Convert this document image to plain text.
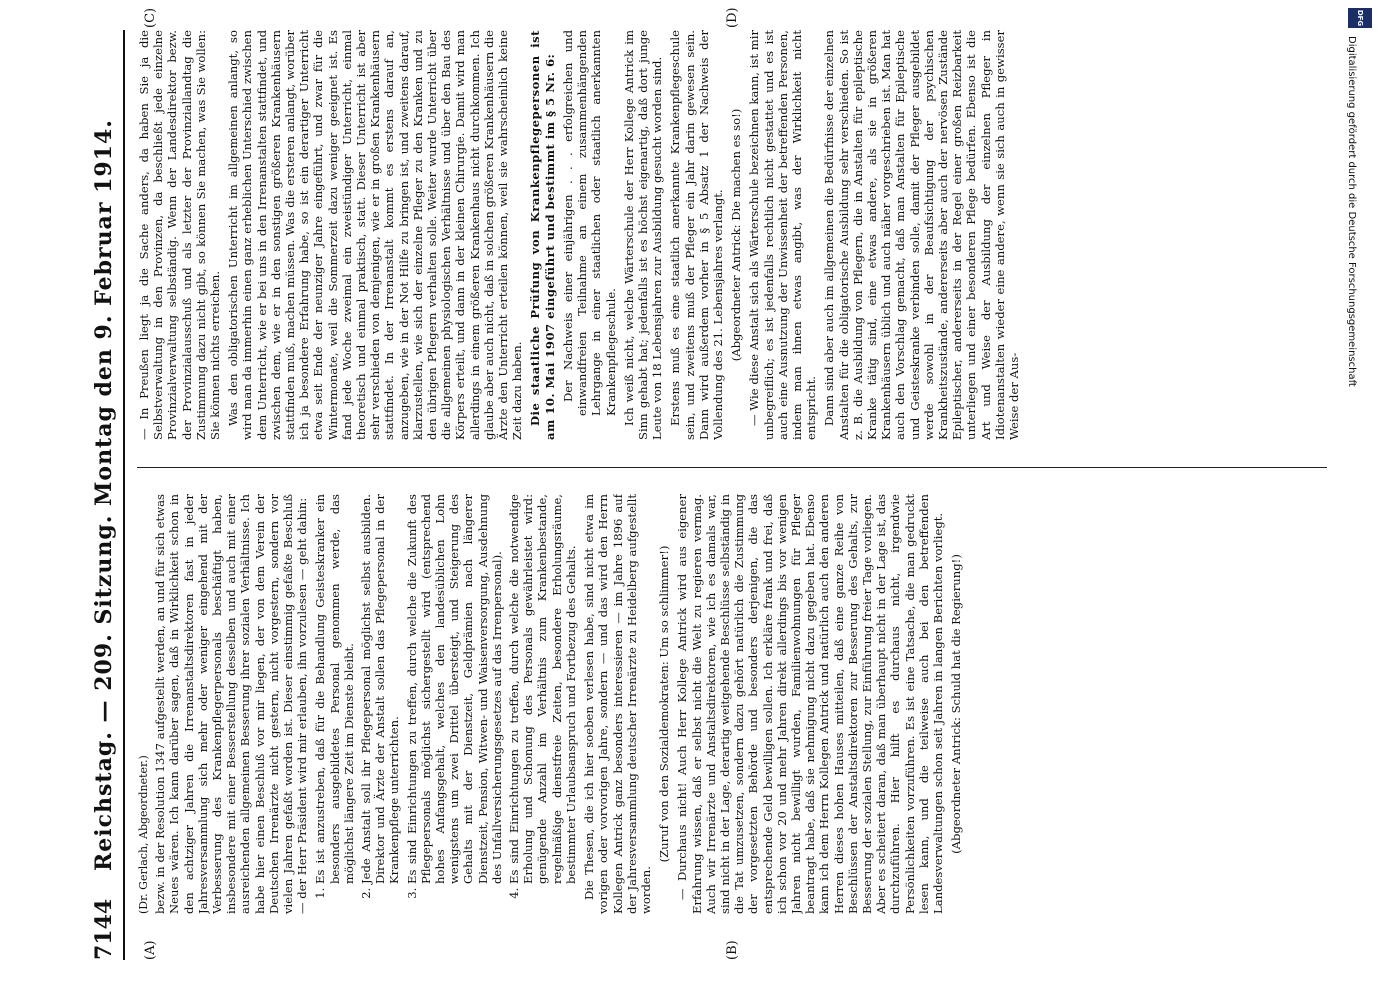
7144
Reichstag. — 209. Sitzung. Montag den 9. Februar 1914.
(A)	(B)
(C)	(D)

(Dr. Gerlach, Abgeordneter.) bezw. in der Resolution 1347 aufgestellt werden, an und für sich etwas Neues wären. Ich kann darüber sagen, daß in Wirklichkeit schon in den achtziger Jahren die Irrenanstaltsdirektoren fast in jeder Jahresversammlung sich mehr oder weniger eingehend mit der Verbesserung des Krankenpflegerpersonals beschäftigt haben, insbesondere mit einer Besserstellung desselben und auch mit einer ausreichenden allgemeinen Besserung ihrer sozialen Verhältnisse. Ich habe hier einen Beschluß vor mir liegen, der von dem Verein der Deutschen Irrenärzte nicht gestern, nicht vorgestern, sondern vor vielen Jahren gefaßt worden ist. Dieser einstimmig gefaßte Beschluß — der Herr Präsident wird mir erlauben, ihn vorzulesen — geht dahin: 1. Es ist anzustreben, daß für die Behandlung Geisteskranker ein besonders ausgebildetes Personal genommen werde, das möglichst längere Zeit im Dienste bleibt. 2. Jede Anstalt soll ihr Pflegepersonal möglichst selbst ausbilden. Direktor und Ärzte der Anstalt sollen das Pflegepersonal in der Krankenpflege unterrichten. 3. Es sind Einrichtungen zu treffen, durch welche die Zukunft des Pflegepersonals möglichst sichergestellt wird (entsprechend hohes Anfangsgehalt, welches den landesüblichen Lohn wenigstens um zwei Drittel übersteigt, und Steigerung des Gehalts mit der Dienstzeit, Geldprämien nach längerer Dienstzeit, Pension, Witwen- und Waisenversorgung, Ausdehnung des Unfallversicherungsgesetzes auf das Irrenpersonal). 4. Es sind Einrichtungen zu treffen, durch welche die notwendige Erholung und Schonung des Personals gewährleistet wird: genügende Anzahl im Verhältnis zum Krankenbestande, regelmäßige dienstfreie Zeiten, besondere Erholungsräume, bestimmter Urlaubsanspruch und Fortbezug des Gehalts. Die Thesen, die ich hier soeben verlesen habe, sind nicht etwa im vorigen oder vorvorigen Jahre, sondern — und das wird den Herrn Kollegen Antrick ganz besonders interessieren — im Jahre 1896 auf der Jahresversammlung deutscher Irrenärzte zu Heidelberg aufgestellt worden.

(Zuruf von den Sozialdemokraten: Um so schlimmer!) — Durchaus nicht! Auch Herr Kollege Antrick wird aus eigener Erfahrung wissen, daß er selbst nicht die Welt zu regieren vermag. Auch wir Irrenärzte und Anstaltsdirektoren, wie ich es damals war, sind nicht in der Lage, derartig weitgehende Beschlüsse selbständig in die Tat umzusetzen, sondern dazu gehört natürlich die Zustimmung der vorgesetzten Behörde und besonders derjenigen, die das entsprechende Geld bewilligen sollen. Ich erkläre frank und frei, daß ich schon vor 20 und mehr Jahren direkt allerdings bis vor wenigen Jahren nicht bewilligt wurden, Familienwohnungen für Pfleger beantragt habe, daß sie nehmigung nicht dazu gegeben hat. Ebenso kann ich dem Herrn Kollegen Antrick und natürlich auch den anderen Herren dieses hohen Hauses mitteilen, daß eine ganze Reihe von Beschlüssen der Anstaltsdirektoren zur Besserung des Gehalts, zur Besserung der sozialen Stellung, zur Einführung freier Tage vorliegen. Aber es scheitert daran, daß man überhaupt nicht in der Lage ist, das durchzuführen. Hier hilft es durchaus nicht, irgendwie Persönlichkeiten vorzuführen. Es ist eine Tatsache, die man gedruckt lesen kann, und die teilweise auch bei den betreffenden Landesverwaltungen schon seit Jahren in langen Berichten vorliegt. (Abgeordneter Antrick: Schuld hat die Regierung!)

— In Preußen liegt ja die Sache anders, da haben Sie ja die Selbstverwaltung in den Provinzen, da beschließt jede einzelne Provinzialverwaltung selbständig. Wenn der Landesdirektor bezw. der Provinzialausschuß und als letzter der Provinziallandtag die Zustimmung dazu nicht gibt, so können Sie machen, was Sie wollen: Sie können nichts erreichen. Was den obligatorischen Unterricht im allgemeinen anlangt, so wird man da immerhin einen ganz erheblichen Unterschied zwischen dem Unterricht, wie er bei uns in den Irrenanstalten stattfindet, und zwischen dem, wie er in den sonstigen größeren Krankenhäusern stattfinden muß, machen müssen. Was die ersteren anlangt, worüber ich ja besondere Erfahrung habe, so ist ein derartiger Unterricht etwa seit Ende der neunziger Jahre eingeführt, und zwar für die Wintermonate, weil die Sommerzeit dazu weniger geeignet ist. Es fand jede Woche zweimal ein zweistündiger Unterricht, einmal theoretisch und einmal praktisch, statt. Dieser Unterricht ist aber sehr verschieden von demjenigen, wie er in großen Krankenhäusern stattfindet. In der Irrenanstalt kommt es erstens darauf an, anzugeben, wie in der Not Hilfe zu bringen ist, und zweitens darauf, klarzustellen, wie sich der einzelne Pfleger zu den Kranken und zu den übrigen Pflegern verhalten solle. Weiter wurde Unterricht über die allgemeinen physiologischen Verhältnisse und über den Bau des Körpers erteilt, und dann in der kleinen Chirurgie. Damit wird man allerdings in einem größeren Krankenhaus nicht durchkommen. Ich glaube aber auch nicht, daß in solchen größeren Krankenhäusern die Ärzte den Unterricht erteilen können, weil sie wahrscheinlich keine Zeit dazu haben. Die staatliche Prüfung von Krankenpflegepersonen ist am 10. Mai 1907 eingeführt und bestimmt im § 5 Nr. 6: Der Nachweis einer einjährigen . . . erfolgreichen und einwandfreien Teilnahme an einem zusammenhängenden Lehrgange in einer staatlichen oder staatlich anerkannten Krankenpflegeschule. Ich weiß nicht, welche Wärterschule der Herr Kollege Antrick im Sinn gehabt hat; jedenfalls ist es höchst eigenartig, daß dort junge Leute von 18 Lebensjahren zur Ausbildung gesucht worden sind. Erstens muß es eine staatlich anerkannte Krankenpflegeschule sein, und zweitens muß der Pfleger ein Jahr darin gewesen sein. Dann wird außerdem vorher in § 5 Absatz 1 der Nachweis der Vollendung des 21. Lebensjahres verlangt. (Abgeordneter Antrick: Die machen es so!) — Wie diese Anstalt sich als Wärterschule bezeichnen kann, ist mir unbegreiflich; es ist jedenfalls rechtlich nicht gestattet und es ist auch eine Ausnutzung der Unwissenheit der betreffenden Personen, indem man ihnen etwas angibt, was der Wirklichkeit nicht entspricht. Dann sind aber auch im allgemeinen die Bedürfnisse der einzelnen Anstalten für die obligatorische Ausbildung sehr verschieden. So ist z. B. die Ausbildung von Pflegern, die in Anstalten für epileptische Kranke tätig sind, eine etwas andere, als sie in größeren Krankenhäusern üblich und auch näher vorgeschrieben ist. Man hat auch den Vorschlag gemacht, daß man Anstalten für Epileptische und Geisteskranke verbinden solle, damit der Pfleger ausgebildet werde sowohl in der Beaufsichtigung der psychischen Krankheitszustände, andererseits aber auch der nervösen Zustände Epileptischer, andererseits in der Regel einer großen Reizbarkeit unterliegen und einer besonderen Pflege bedürfen. Ebenso ist die Art und Weise der Ausbildung der einzelnen Pfleger in Idiotenanstalten wieder eine andere, wenn sie sich auch in gewisser Weise der Aus-

DFG
Digitalisierung gefördert durch die Deutsche Forschungsgemeinschaft
